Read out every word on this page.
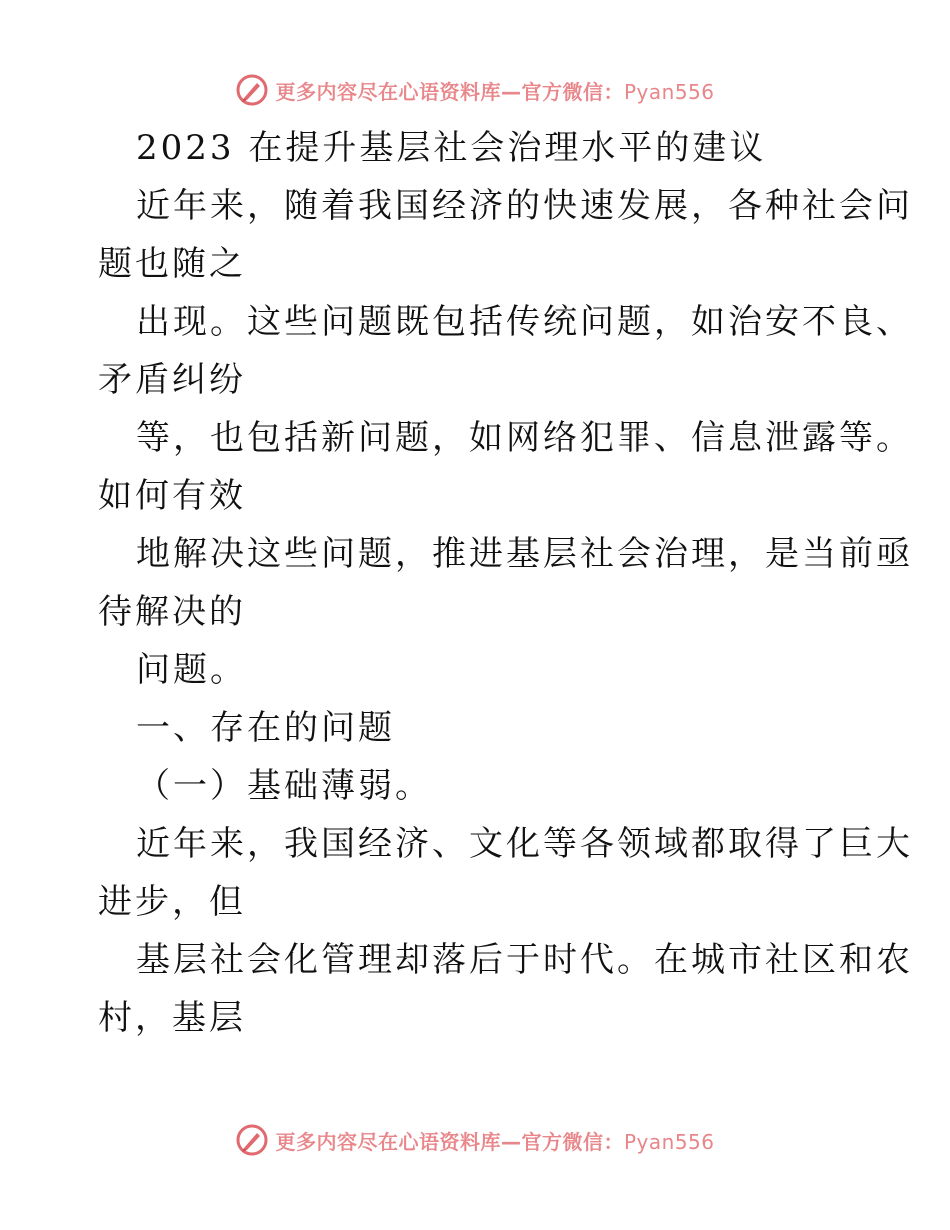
更多内容尽在心语资料库—官方微信：Pyan556
2023 在提升基层社会治理水平的建议
近年来，随着我国经济的快速发展，各种社会问
题也随之
出现。这些问题既包括传统问题，如治安不良、
矛盾纠纷
等，也包括新问题，如网络犯罪、信息泄露等。
如何有效
地解决这些问题，推进基层社会治理，是当前亟
待解决的
问题。
一、存在的问题
（一）基础薄弱。
近年来，我国经济、文化等各领域都取得了巨大
进步，但
基层社会化管理却落后于时代。在城市社区和农
村，基层
更多内容尽在心语资料库—官方微信：Pyan556
